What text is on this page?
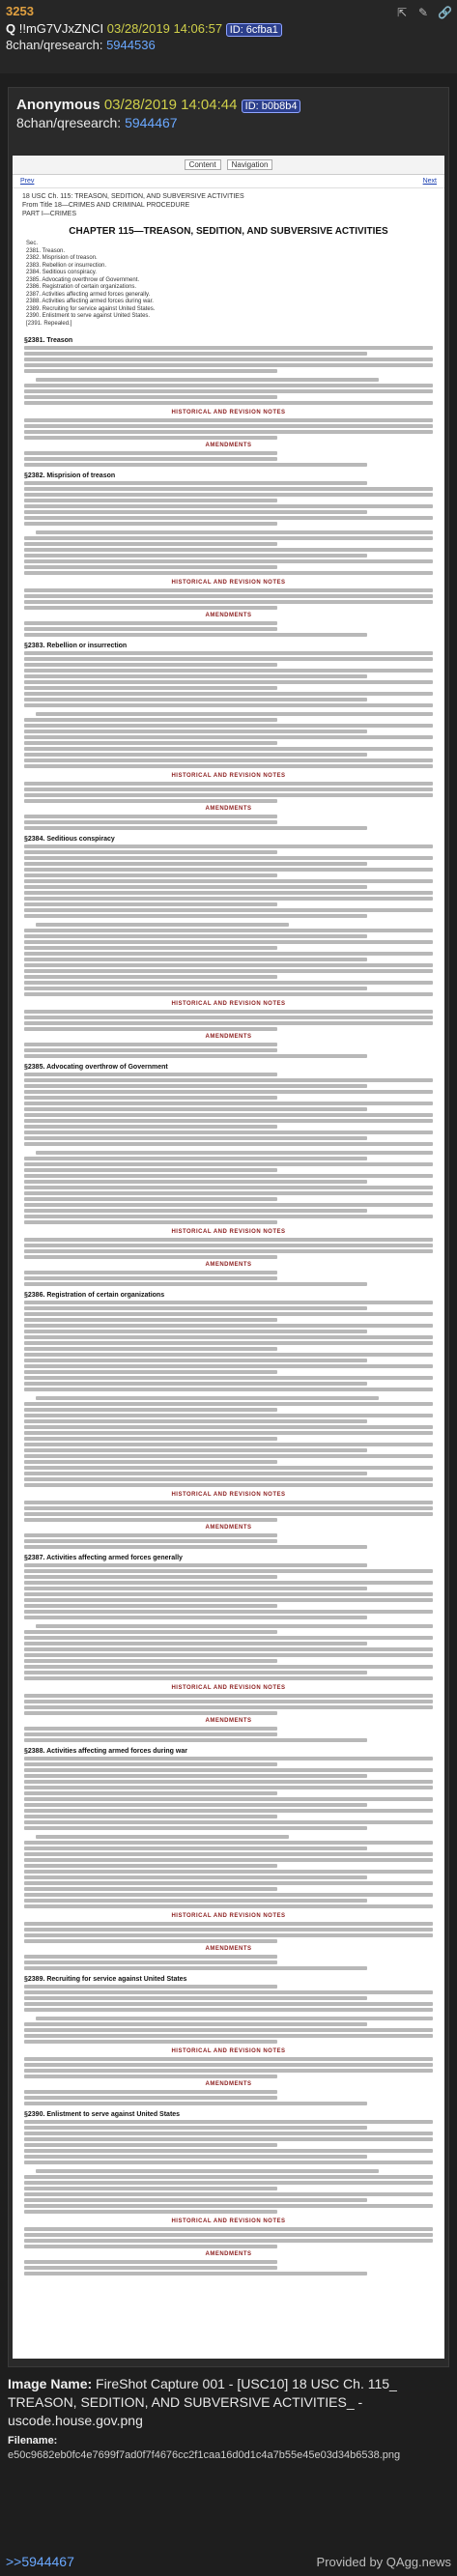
3253
Q !!mG7VJxZNCI 03/28/2019 14:06:57 ID: 6cfba1
8chan/qresearch: 5944536
⇱ ✎ 🔗
Anonymous 03/28/2019 14:04:44 ID: b0b8b4
8chan/qresearch: 5944467
Content	Navigation
Prev	Next
18 USC Ch. 115: TREASON, SEDITION, AND SUBVERSIVE ACTIVITIES
From Title 18—CRIMES AND CRIMINAL PROCEDURE
PART I—CRIMES
CHAPTER 115—TREASON, SEDITION, AND SUBVERSIVE ACTIVITIES
Sec.
2381. Treason.
2382. Misprision of treason.
2383. Rebellion or insurrection.
2384. Seditious conspiracy.
2385. Advocating overthrow of Government.
2386. Registration of certain organizations.
2387. Activities affecting armed forces generally.
2388. Activities affecting armed forces during war.
2389. Recruiting for service against United States.
2390. Enlistment to serve against United States.
[2391. Repealed.]
§2381. Treason
HISTORICAL AND REVISION NOTES
AMENDMENTS
§2382. Misprision of treason
HISTORICAL AND REVISION NOTES
AMENDMENTS
§2383. Rebellion or insurrection
HISTORICAL AND REVISION NOTES
AMENDMENTS
§2384. Seditious conspiracy
HISTORICAL AND REVISION NOTES
AMENDMENTS
§2385. Advocating overthrow of Government
HISTORICAL AND REVISION NOTES
AMENDMENTS
§2386. Registration of certain organizations
HISTORICAL AND REVISION NOTES
AMENDMENTS
§2387. Activities affecting armed forces generally
HISTORICAL AND REVISION NOTES
AMENDMENTS
§2388. Activities affecting armed forces during war
HISTORICAL AND REVISION NOTES
AMENDMENTS
§2389. Recruiting for service against United States
HISTORICAL AND REVISION NOTES
AMENDMENTS
§2390. Enlistment to serve against United States
HISTORICAL AND REVISION NOTES
AMENDMENTS
Image Name: FireShot Capture 001 - [USC10] 18 USC Ch. 115_ TREASON, SEDITION, AND SUBVERSIVE ACTIVITIES_ - uscode.house.gov.png
Filename: e50c9682eb0fc4e7699f7ad0f7f4676cc2f1caa16d0d1c4a7b55e45e03d34b6538.png
>>5944467	Provided by QAgg.news
